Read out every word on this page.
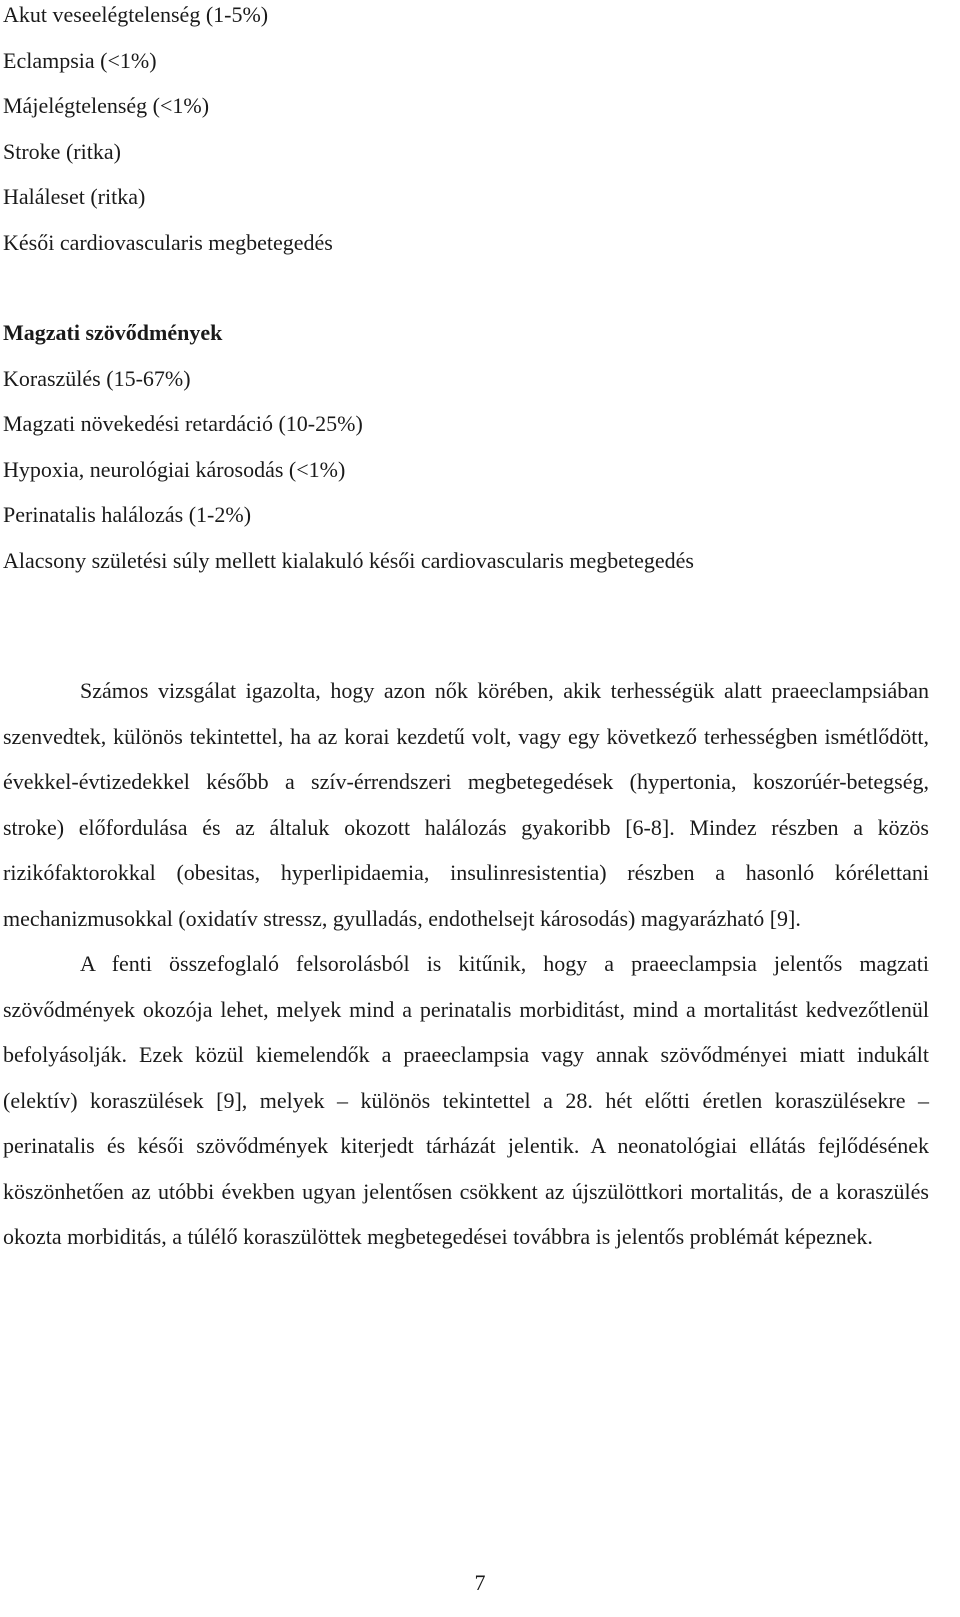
Akut veseelégtelenség (1-5%)
Eclampsia (<1%)
Májelégtelenség (<1%)
Stroke (ritka)
Haláleset (ritka)
Késői cardiovascularis megbetegedés
Magzati szövődmények
Koraszülés (15-67%)
Magzati növekedési retardáció (10-25%)
Hypoxia, neurológiai károsodás (<1%)
Perinatalis halálozás (1-2%)
Alacsony születési súly mellett kialakuló késői cardiovascularis megbetegedés

Számos vizsgálat igazolta, hogy azon nők körében, akik terhességük alatt praeeclampsiában szenvedtek, különös tekintettel, ha az korai kezdetű volt, vagy egy következő terhességben ismétlődött, évekkel-évtizedekkel később a szív-érrendszeri megbetegedések (hypertonia, koszorúér-betegség, stroke) előfordulása és az általuk okozott halálozás gyakoribb [6-8]. Mindez részben a közös rizikófaktorokkal (obesitas, hyperlipidaemia, insulinresistentia) részben a hasonló kórélettani mechanizmusokkal (oxidatív stressz, gyulladás, endothelsejt károsodás) magyarázható [9].

A fenti összefoglaló felsorolásból is kitűnik, hogy a praeeclampsia jelentős magzati szövődmények okozója lehet, melyek mind a perinatalis morbiditást, mind a mortalitást kedvezőtlenül befolyásolják. Ezek közül kiemelendők a praeeclampsia vagy annak szövődményei miatt indukált (elektív) koraszülések [9], melyek – különös tekintettel a 28. hét előtti éretlen koraszülésekre – perinatalis és késői szövődmények kiterjedt tárházát jelentik. A neonatológiai ellátás fejlődésének köszönhetően az utóbbi években ugyan jelentősen csökkent az újszülöttkori mortalitás, de a koraszülés okozta morbiditás, a túlélő koraszülöttek megbetegedései továbbra is jelentős problémát képeznek.

7
